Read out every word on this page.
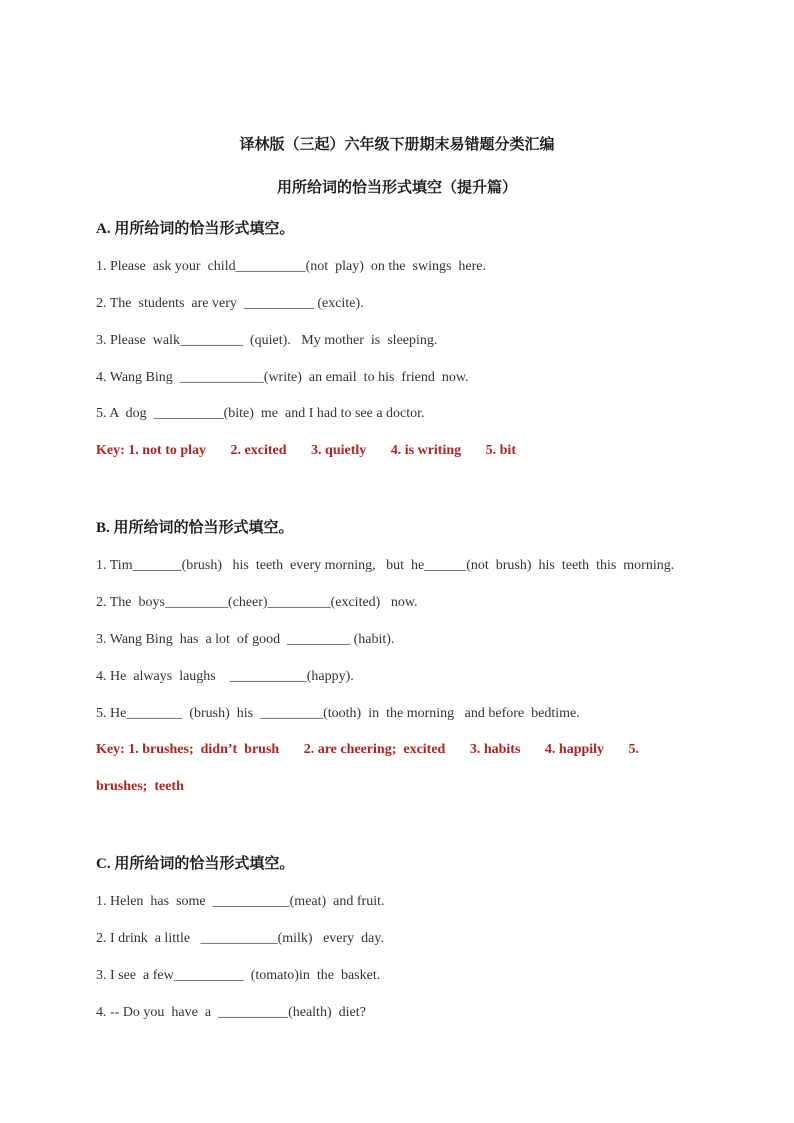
译林版（三起）六年级下册期末易错题分类汇编
用所给词的恰当形式填空（提升篇）
A. 用所给词的恰当形式填空。
1. Please  ask your  child__________(not  play)  on the  swings  here.
2. The  students  are very  __________ (excite).
3. Please  walk_________  (quiet).   My mother  is  sleeping.
4. Wang Bing  ____________(write)  an email  to his  friend  now.
5. A  dog  __________(bite)  me  and I had to see a doctor.
Key: 1. not to play       2. excited       3. quietly       4. is writing       5. bit
B. 用所给词的恰当形式填空。
1. Tim_______(brush)   his  teeth  every morning,   but  he______(not  brush)  his  teeth  this  morning.
2. The  boys_________(cheer)_________(excited)   now.
3. Wang Bing  has  a lot  of good  _________ (habit).
4. He  always  laughs    ___________(happy).
5. He________  (brush)  his  _________(tooth)  in  the morning   and before  bedtime.
Key: 1. brushes;  didn’t  brush       2. are cheering;  excited       3. habits       4. happily       5.
brushes;  teeth
C. 用所给词的恰当形式填空。
1. Helen  has  some  ___________(meat)  and fruit.
2. I drink  a little   ___________(milk)   every  day.
3. I see  a few__________  (tomato)in  the  basket.
4. -- Do you  have  a  __________(health)  diet?
